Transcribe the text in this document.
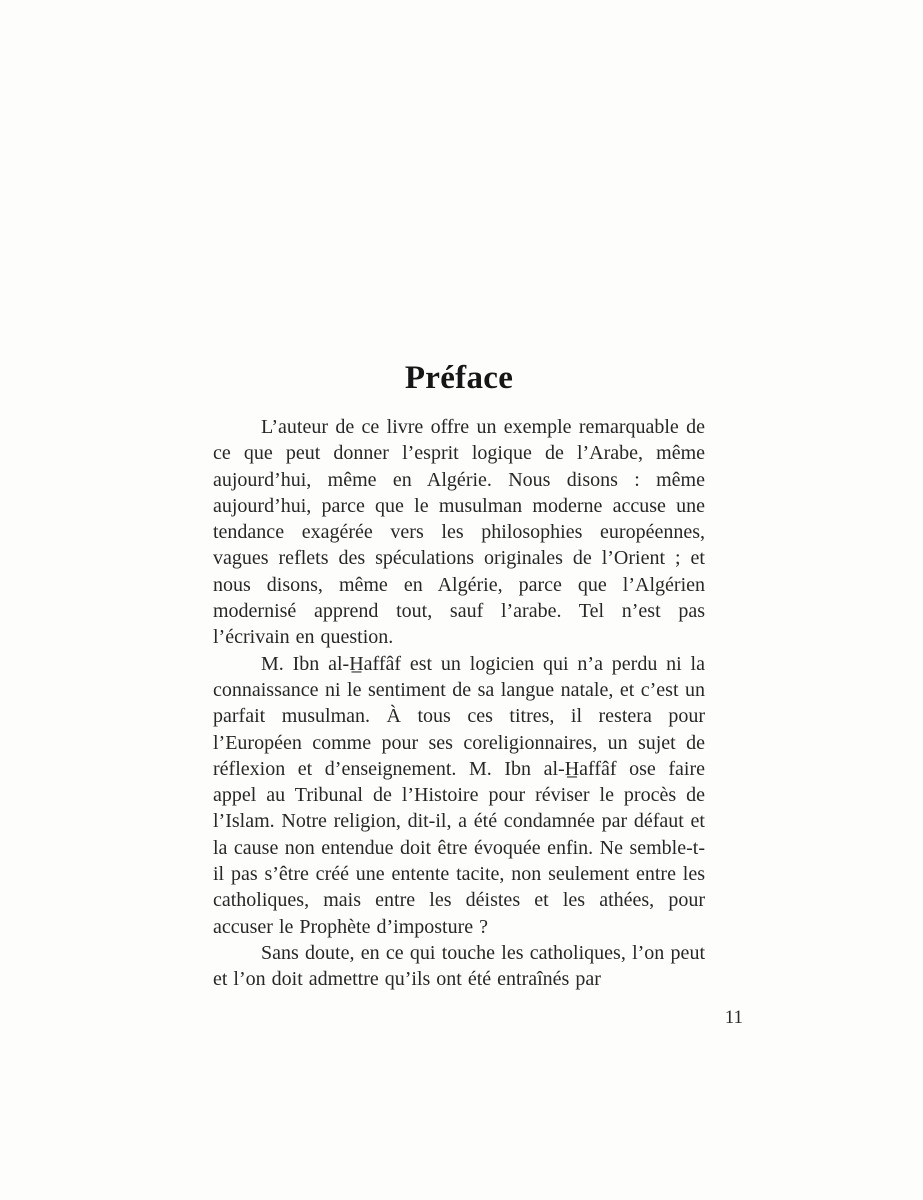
Préface

L’auteur de ce livre offre un exemple remarquable de ce que peut donner l’esprit logique de l’Arabe, même aujourd’hui, même en Algérie. Nous disons : même aujourd’hui, parce que le musulman moderne accuse une tendance exagérée vers les philosophies européennes, vagues reflets des spéculations originales de l’Orient ; et nous disons, même en Algérie, parce que l’Algérien modernisé apprend tout, sauf l’arabe. Tel n’est pas l’écrivain en question.

M. Ibn al-H̲affâf est un logicien qui n’a perdu ni la connaissance ni le sentiment de sa langue natale, et c’est un parfait musulman. À tous ces titres, il restera pour l’Européen comme pour ses coreligionnaires, un sujet de réflexion et d’enseignement. M. Ibn al-H̲affâf ose faire appel au Tribunal de l’Histoire pour réviser le procès de l’Islam. Notre religion, dit-il, a été condamnée par défaut et la cause non entendue doit être évoquée enfin. Ne semble-t-il pas s’être créé une entente tacite, non seulement entre les catholiques, mais entre les déistes et les athées, pour accuser le Prophète d’imposture ?

Sans doute, en ce qui touche les catholiques, l’on peut et l’on doit admettre qu’ils ont été entraînés par

11
